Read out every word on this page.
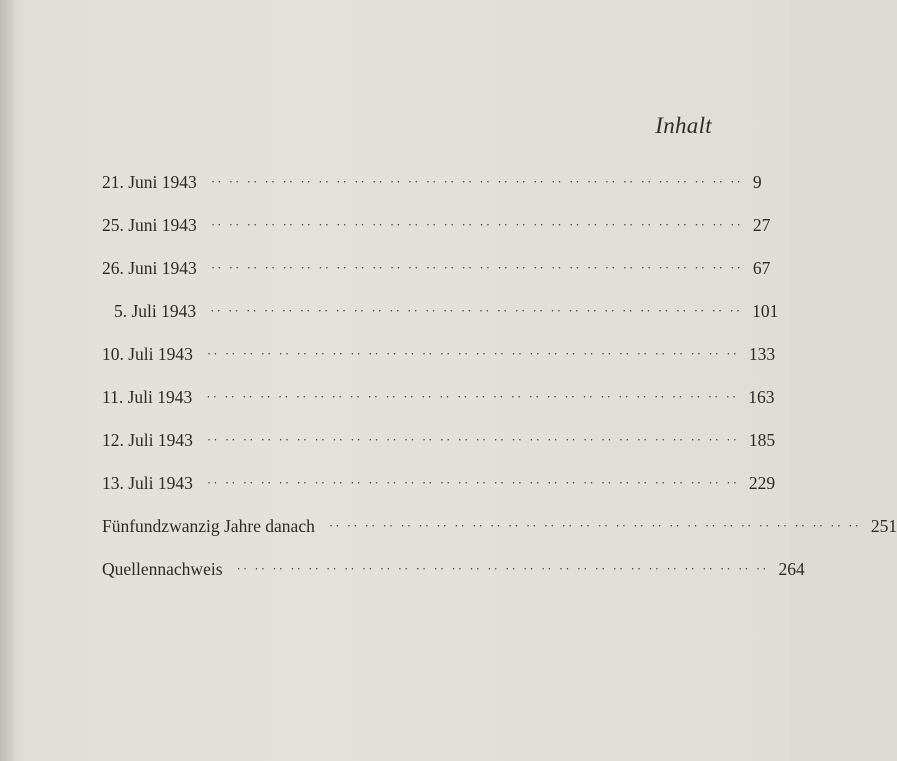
Inhalt
21. Juni 1943	·· ·· ·· ·· ·· ·· ·· ·· ·· ·· ·· ·· ·· ·· ·· ·· ·· ·· ·· ·· ·· ·· ·· ·· ·· ·· ·· ·· ·· ·· 9
25. Juni 1943	·· ·· ·· ·· ·· ·· ·· ·· ·· ·· ·· ·· ·· ·· ·· ·· ·· ·· ·· ·· ·· ·· ·· ·· ·· ·· ·· ·· ·· ·· 27
26. Juni 1943	·· ·· ·· ·· ·· ·· ·· ·· ·· ·· ·· ·· ·· ·· ·· ·· ·· ·· ·· ·· ·· ·· ·· ·· ·· ·· ·· ·· ·· ·· 67
5. Juli 1943	·· ·· ·· ·· ·· ·· ·· ·· ·· ·· ·· ·· ·· ·· ·· ·· ·· ·· ·· ·· ·· ·· ·· ·· ·· ·· ·· ·· ·· ·· 101
10. Juli 1943	·· ·· ·· ·· ·· ·· ·· ·· ·· ·· ·· ·· ·· ·· ·· ·· ·· ·· ·· ·· ·· ·· ·· ·· ·· ·· ·· ·· ·· ·· 133
11. Juli 1943	·· ·· ·· ·· ·· ·· ·· ·· ·· ·· ·· ·· ·· ·· ·· ·· ·· ·· ·· ·· ·· ·· ·· ·· ·· ·· ·· ·· ·· ·· 163
12. Juli 1943	·· ·· ·· ·· ·· ·· ·· ·· ·· ·· ·· ·· ·· ·· ·· ·· ·· ·· ·· ·· ·· ·· ·· ·· ·· ·· ·· ·· ·· ·· 185
13. Juli 1943	·· ·· ·· ·· ·· ·· ·· ·· ·· ·· ·· ·· ·· ·· ·· ·· ·· ·· ·· ·· ·· ·· ·· ·· ·· ·· ·· ·· ·· ·· 229
Fünfundzwanzig Jahre danach	·· ·· ·· ·· ·· ·· ·· ·· ·· ·· ·· ·· ·· ·· ·· ·· ·· ·· ·· ·· ·· ·· ·· ·· ·· ·· ·· ·· ·· ·· 251
Quellennachweis	·· ·· ·· ·· ·· ·· ·· ·· ·· ·· ·· ·· ·· ·· ·· ·· ·· ·· ·· ·· ·· ·· ·· ·· ·· ·· ·· ·· ·· ·· 264
